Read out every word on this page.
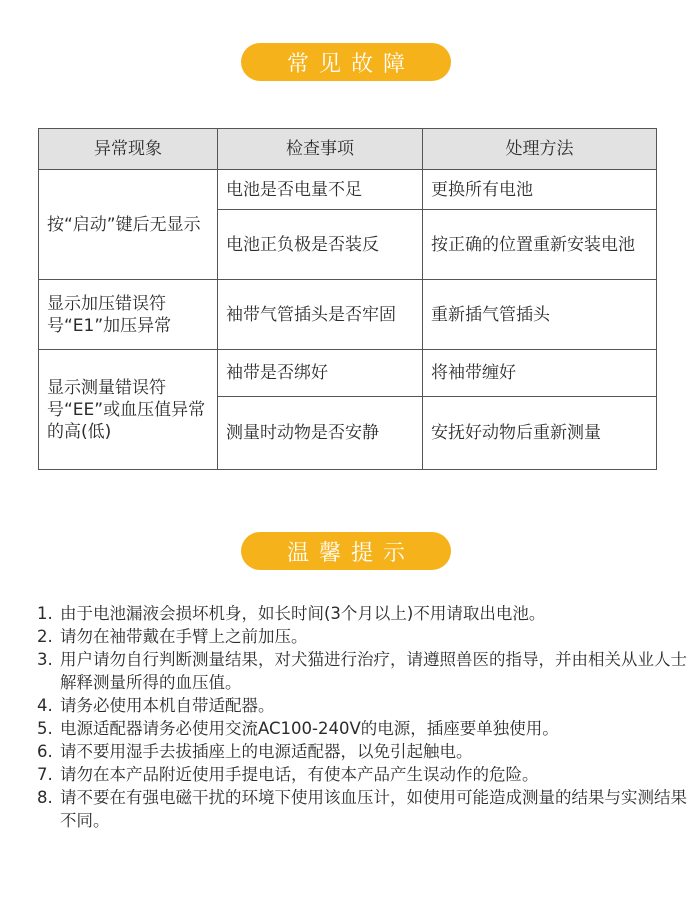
常见故障
异常现象	检查事项	处理方法
按“启动”键后无显示	电池是否电量不足	更换所有电池
	电池正负极是否装反	按正确的位置重新安装电池
显示加压错误符号“E1”加压异常	袖带气管插头是否牢固	重新插气管插头
显示测量错误符号“EE”或血压值异常的高(低)	袖带是否绑好	将袖带缠好
	测量时动物是否安静	安抚好动物后重新测量
温馨提示
1. 由于电池漏液会损坏机身，如长时间(3个月以上)不用请取出电池。
2. 请勿在袖带戴在手臂上之前加压。
3. 用户请勿自行判断测量结果，对犬猫进行治疗，请遵照兽医的指导，并由相关从业人士解释测量所得的血压值。
4. 请务必使用本机自带适配器。
5. 电源适配器请务必使用交流AC100-240V的电源，插座要单独使用。
6. 请不要用湿手去拔插座上的电源适配器，以免引起触电。
7. 请勿在本产品附近使用手提电话，有使本产品产生误动作的危险。
8. 请不要在有强电磁干扰的环境下使用该血压计，如使用可能造成测量的结果与实测结果不同。
